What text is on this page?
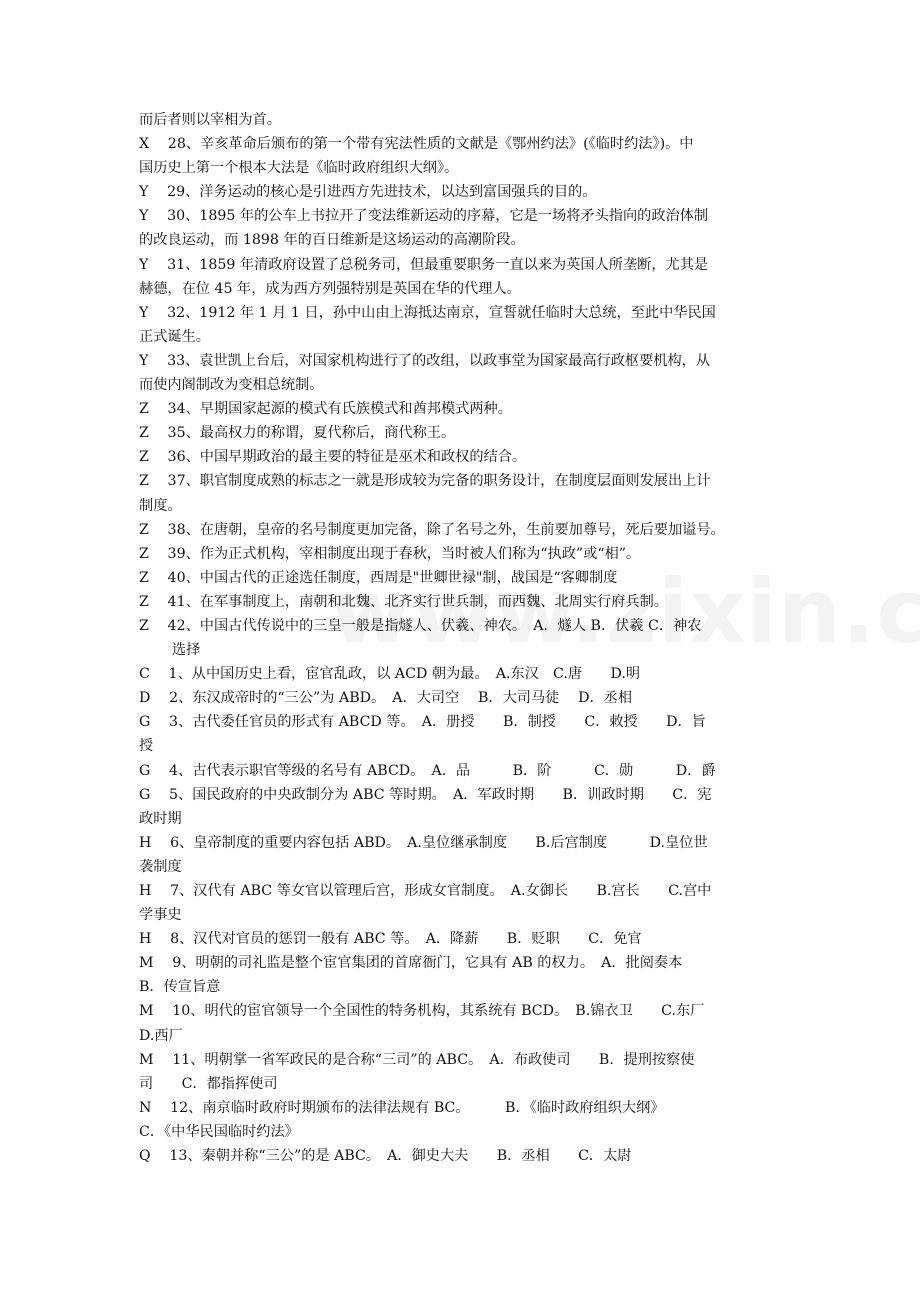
而后者则以宰相为首。
X　 28、辛亥革命后颁布的第一个带有宪法性质的文献是《鄂州约法》(《临时约法》)。中
国历史上第一个根本大法是《临时政府组织大纲》。
Y　 29、洋务运动的核心是引进西方先进技术，以达到富国强兵的目的。
Y　 30、1895 年的公车上书拉开了变法维新运动的序幕，它是一场将矛头指向的政治体制
的改良运动，而 1898 年的百日维新是这场运动的高潮阶段。
Y　 31、1859 年清政府设置了总税务司，但最重要职务一直以来为英国人所垄断，尤其是
赫德，在位 45 年，成为西方列强特别是英国在华的代理人。
Y　 32、1912 年 1 月 1 日，孙中山由上海抵达南京，宣誓就任临时大总统，至此中华民国
正式诞生。
Y　 33、袁世凯上台后，对国家机构进行了的改组，以政事堂为国家最高行政枢要机构，从
而使内阁制改为变相总统制。
Z　 34、早期国家起源的模式有氏族模式和酋邦模式两种。
Z　 35、最高权力的称谓，夏代称后，商代称王。
Z　 36、中国早期政治的最主要的特征是巫术和政权的结合。
Z　 37、职官制度成熟的标志之一就是形成较为完备的职务设计，在制度层面则发展出上计
制度。
Z　 38、在唐朝，皇帝的名号制度更加完备，除了名号之外，生前要加尊号，死后要加谥号。
Z　 39、作为正式机构，宰相制度出现于春秋，当时被人们称为“执政”或“相”。
Z　 40、中国古代的正途选任制度，西周是"世卿世禄"制，战国是“客卿制度
Z　 41、在军事制度上，南朝和北魏、北齐实行世兵制，而西魏、北周实行府兵制。
Z　 42、中国古代传说中的三皇一般是指燧人、伏羲、神农。　A．燧人 B．伏羲 C．神农
　　 选择
C　 1、从中国历史上看，宦官乱政，以 ACD 朝为最。　A.东汉　C.唐　　D.明
D　 2、东汉成帝时的“三公”为 ABD。　A．大司空　 B．大司马徒　 D．丞相
G　 3、古代委任官员的形式有 ABCD 等。　A．册授　　B．制授　　C．敕授　　D．旨
授
G　 4、古代表示职官等级的名号有 ABCD。　A．品　　　B．阶　　　C．勋　　　D．爵
G　 5、国民政府的中央政制分为 ABC 等时期。　A．军政时期　　B．训政时期　　C．宪
政时期
H　 6、皇帝制度的重要内容包括 ABD。　A.皇位继承制度　　B.后宫制度　　　D.皇位世
袭制度
H　 7、汉代有 ABC 等女官以管理后宫，形成女官制度。　A.女御长　　B.宫长　　C.宫中
学事史
H　 8、汉代对官员的惩罚一般有 ABC 等。　A．降薪　　B．贬职　　C．免官
M　 9、明朝的司礼监是整个宦官集团的首席衙门，它具有 AB 的权力。　A．批阅奏本
B．传宣旨意
M　 10、明代的宦官领导一个全国性的特务机构，其系统有 BCD。　B.锦衣卫　　C.东厂
D.西厂
M　 11、明朝掌一省军政民的是合称“三司”的 ABC。　A．布政使司　　B．提刑按察使
司　　C．都指挥使司
N　 12、南京临时政府时期颁布的法律法规有 BC。　　　B．《临时政府组织大纲》
C．《中华民国临时约法》
Q　 13、秦朝并称“三公”的是 ABC。　A．御史大夫　　B．丞相　　C．太尉
